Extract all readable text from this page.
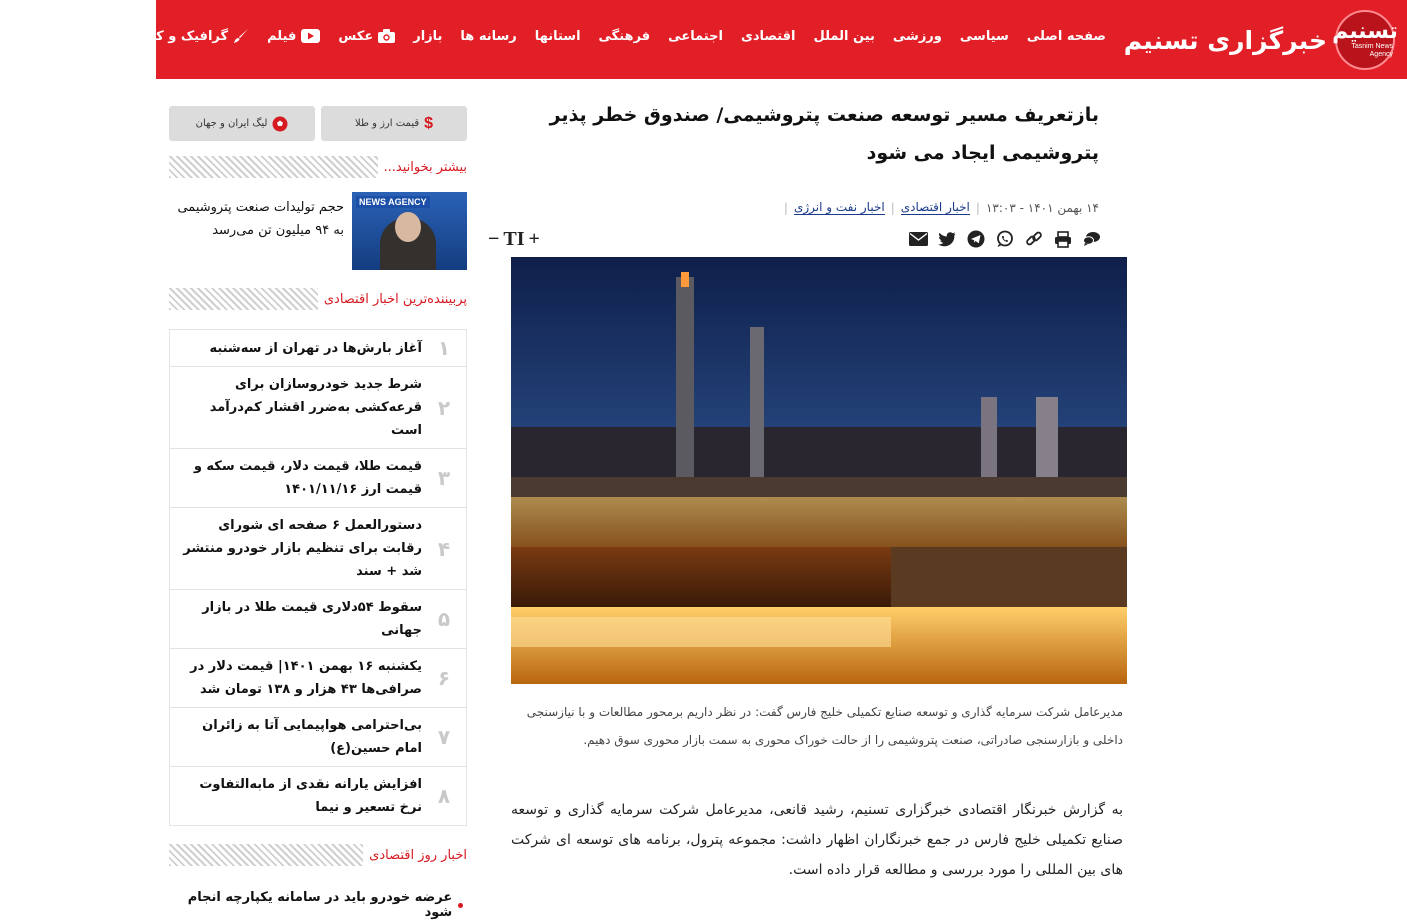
تسنیم
Tasnim News Agency
خبرگزاری تسنیم
صفحه اصلی
سیاسی
ورزشی
بین الملل
اقتصادی
اجتماعی
فرهنگی
استانها
رسانه ها
بازار
عکس
فیلم
گرافیک و کاریکاتور
تلویزیون
بازتعریف مسیر توسعه صنعت پتروشیمی/ صندوق خطر پذیر پتروشیمی ایجاد می شود
۱۴ بهمن ۱۴۰۱ - ۱۳:۰۳
|
اخبار اقتصادی
|
اخبار نفت و انرژی
|
− TI +
مدیرعامل شرکت سرمایه گذاری و توسعه صنایع تکمیلی خلیج فارس گفت: در نظر داریم برمحور مطالعات و با نیازسنجی داخلی و بازارسنجی صادراتی، صنعت پتروشیمی را از حالت خوراک محوری به سمت بازار محوری سوق دهیم.

به گزارش خبرنگار اقتصادی خبرگزاری تسنیم، رشید قانعی، مدیرعامل شرکت سرمایه گذاری و توسعه صنایع تکمیلی خلیج فارس در جمع خبرنگاران اظهار داشت: مجموعه پترول، برنامه های توسعه ای شرکت های بین المللی را مورد بررسی و مطالعه قرار داده است.

$
قیمت ارز و طلا
لیگ ایران و جهان
بیشتر بخوانید...
NEWS AGENCY
حجم تولیدات صنعت پتروشیمی به ۹۴ میلیون تن می‌رسد
پربیننده‌ترین اخبار اقتصادی
۱
آغاز بارش‌ها در تهران از سه‌شنبه
۲
شرط جدید خودروسازان برای قرعه‌کشی به‌ضرر اقشار کم‌درآمد است
۳
قیمت طلا، قیمت دلار، قیمت سکه و قیمت ارز ۱۴۰۱/۱۱/۱۶
۴
دستورالعمل ۶ صفحه ای شورای رقابت برای تنظیم بازار خودرو منتشر شد + سند
۵
سقوط ۵۴دلاری قیمت طلا در بازار جهانی
۶
یکشنبه ۱۶ بهمن ۱۴۰۱| قیمت دلار در صرافی‌ها ۴۳ هزار و ۱۳۸ تومان شد
۷
بی‌احترامی هواپیمایی آتا به زائران امام حسین(ع)
۸
افزایش یارانه نقدی از مابه‌التفاوت نرخ تسعیر و نیما
اخبار روز اقتصادی
عرضه خودرو باید در سامانه یکپارچه انجام شود
